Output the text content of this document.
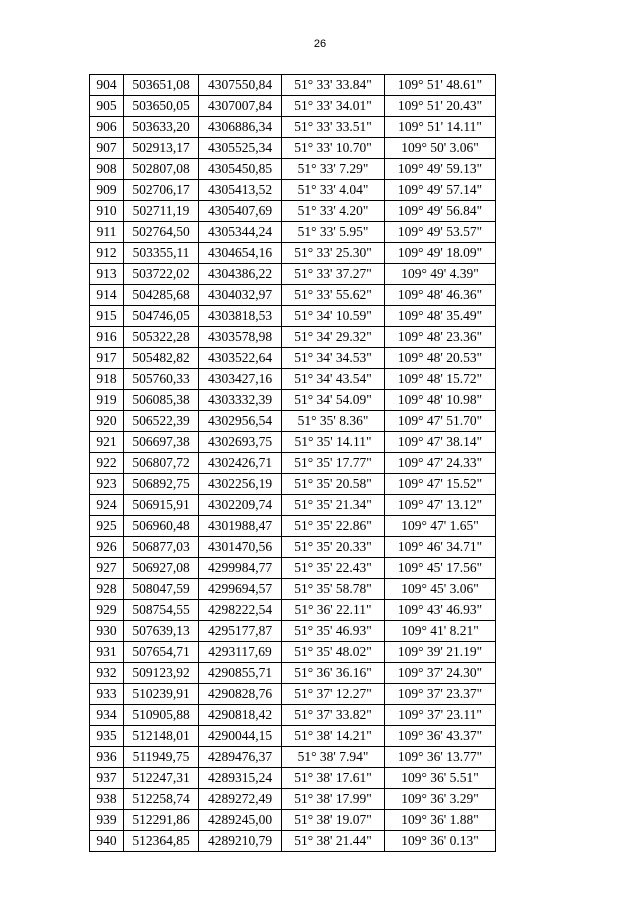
26
904	503651,08	4307550,84	51° 33' 33.84"	109° 51' 48.61"
905	503650,05	4307007,84	51° 33' 34.01"	109° 51' 20.43"
906	503633,20	4306886,34	51° 33' 33.51"	109° 51' 14.11"
907	502913,17	4305525,34	51° 33' 10.70"	109° 50' 3.06"
908	502807,08	4305450,85	51° 33' 7.29"	109° 49' 59.13"
909	502706,17	4305413,52	51° 33' 4.04"	109° 49' 57.14"
910	502711,19	4305407,69	51° 33' 4.20"	109° 49' 56.84"
911	502764,50	4305344,24	51° 33' 5.95"	109° 49' 53.57"
912	503355,11	4304654,16	51° 33' 25.30"	109° 49' 18.09"
913	503722,02	4304386,22	51° 33' 37.27"	109° 49' 4.39"
914	504285,68	4304032,97	51° 33' 55.62"	109° 48' 46.36"
915	504746,05	4303818,53	51° 34' 10.59"	109° 48' 35.49"
916	505322,28	4303578,98	51° 34' 29.32"	109° 48' 23.36"
917	505482,82	4303522,64	51° 34' 34.53"	109° 48' 20.53"
918	505760,33	4303427,16	51° 34' 43.54"	109° 48' 15.72"
919	506085,38	4303332,39	51° 34' 54.09"	109° 48' 10.98"
920	506522,39	4302956,54	51° 35' 8.36"	109° 47' 51.70"
921	506697,38	4302693,75	51° 35' 14.11"	109° 47' 38.14"
922	506807,72	4302426,71	51° 35' 17.77"	109° 47' 24.33"
923	506892,75	4302256,19	51° 35' 20.58"	109° 47' 15.52"
924	506915,91	4302209,74	51° 35' 21.34"	109° 47' 13.12"
925	506960,48	4301988,47	51° 35' 22.86"	109° 47' 1.65"
926	506877,03	4301470,56	51° 35' 20.33"	109° 46' 34.71"
927	506927,08	4299984,77	51° 35' 22.43"	109° 45' 17.56"
928	508047,59	4299694,57	51° 35' 58.78"	109° 45' 3.06"
929	508754,55	4298222,54	51° 36' 22.11"	109° 43' 46.93"
930	507639,13	4295177,87	51° 35' 46.93"	109° 41' 8.21"
931	507654,71	4293117,69	51° 35' 48.02"	109° 39' 21.19"
932	509123,92	4290855,71	51° 36' 36.16"	109° 37' 24.30"
933	510239,91	4290828,76	51° 37' 12.27"	109° 37' 23.37"
934	510905,88	4290818,42	51° 37' 33.82"	109° 37' 23.11"
935	512148,01	4290044,15	51° 38' 14.21"	109° 36' 43.37"
936	511949,75	4289476,37	51° 38' 7.94"	109° 36' 13.77"
937	512247,31	4289315,24	51° 38' 17.61"	109° 36' 5.51"
938	512258,74	4289272,49	51° 38' 17.99"	109° 36' 3.29"
939	512291,86	4289245,00	51° 38' 19.07"	109° 36' 1.88"
940	512364,85	4289210,79	51° 38' 21.44"	109° 36' 0.13"
